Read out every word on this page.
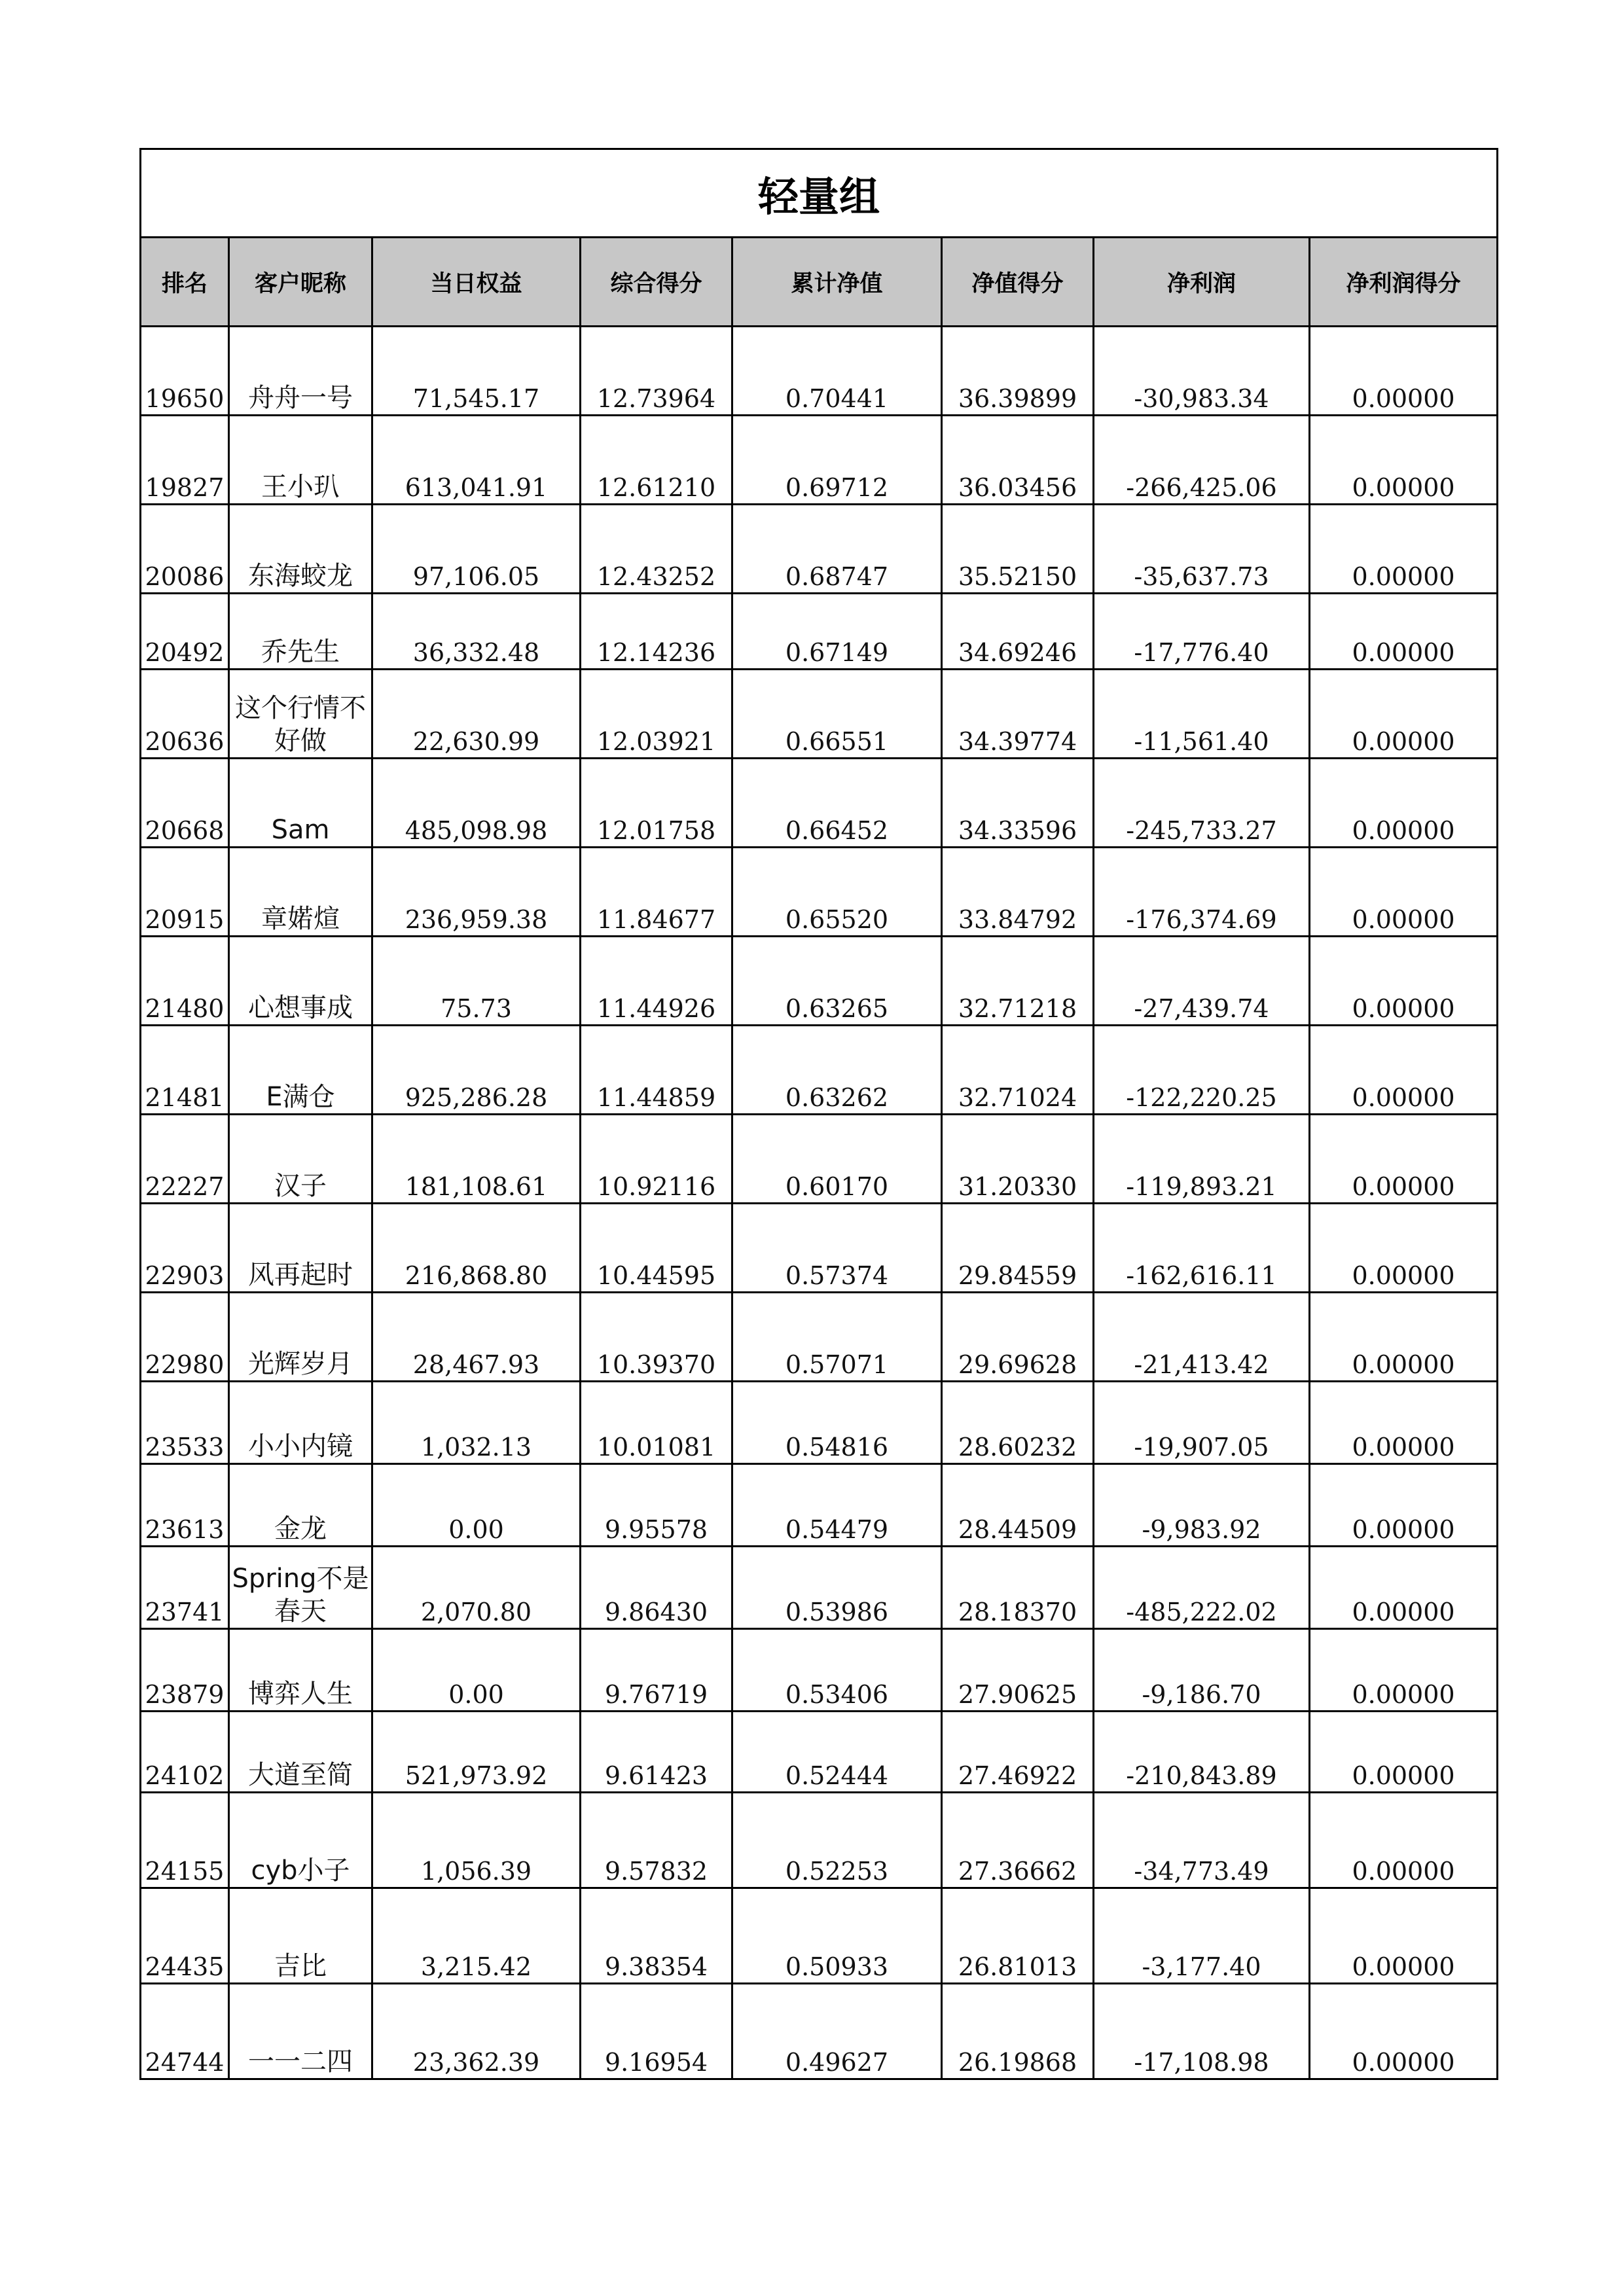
轻量组							
排名	客户昵称	当日权益	综合得分	累计净值	净值得分	净利润	净利润得分
19650	舟舟一号	71,545.17	12.73964	0.70441	36.39899	-30,983.34	0.00000
19827	王小玐	613,041.91	12.61210	0.69712	36.03456	-266,425.06	0.00000
20086	东海蛟龙	97,106.05	12.43252	0.68747	35.52150	-35,637.73	0.00000
20492	乔先生	36,332.48	12.14236	0.67149	34.69246	-17,776.40	0.00000
20636	这个行情不好做	22,630.99	12.03921	0.66551	34.39774	-11,561.40	0.00000
20668	Sam	485,098.98	12.01758	0.66452	34.33596	-245,733.27	0.00000
20915	章婼煊	236,959.38	11.84677	0.65520	33.84792	-176,374.69	0.00000
21480	心想事成	75.73	11.44926	0.63265	32.71218	-27,439.74	0.00000
21481	E满仓	925,286.28	11.44859	0.63262	32.71024	-122,220.25	0.00000
22227	汉子	181,108.61	10.92116	0.60170	31.20330	-119,893.21	0.00000
22903	风再起时	216,868.80	10.44595	0.57374	29.84559	-162,616.11	0.00000
22980	光辉岁月	28,467.93	10.39370	0.57071	29.69628	-21,413.42	0.00000
23533	小小内镜	1,032.13	10.01081	0.54816	28.60232	-19,907.05	0.00000
23613	金龙	0.00	9.95578	0.54479	28.44509	-9,983.92	0.00000
23741	Spring不是春天	2,070.80	9.86430	0.53986	28.18370	-485,222.02	0.00000
23879	博弈人生	0.00	9.76719	0.53406	27.90625	-9,186.70	0.00000
24102	大道至简	521,973.92	9.61423	0.52444	27.46922	-210,843.89	0.00000
24155	cyb小子	1,056.39	9.57832	0.52253	27.36662	-34,773.49	0.00000
24435	吉比	3,215.42	9.38354	0.50933	26.81013	-3,177.40	0.00000
24744	一一二四	23,362.39	9.16954	0.49627	26.19868	-17,108.98	0.00000
